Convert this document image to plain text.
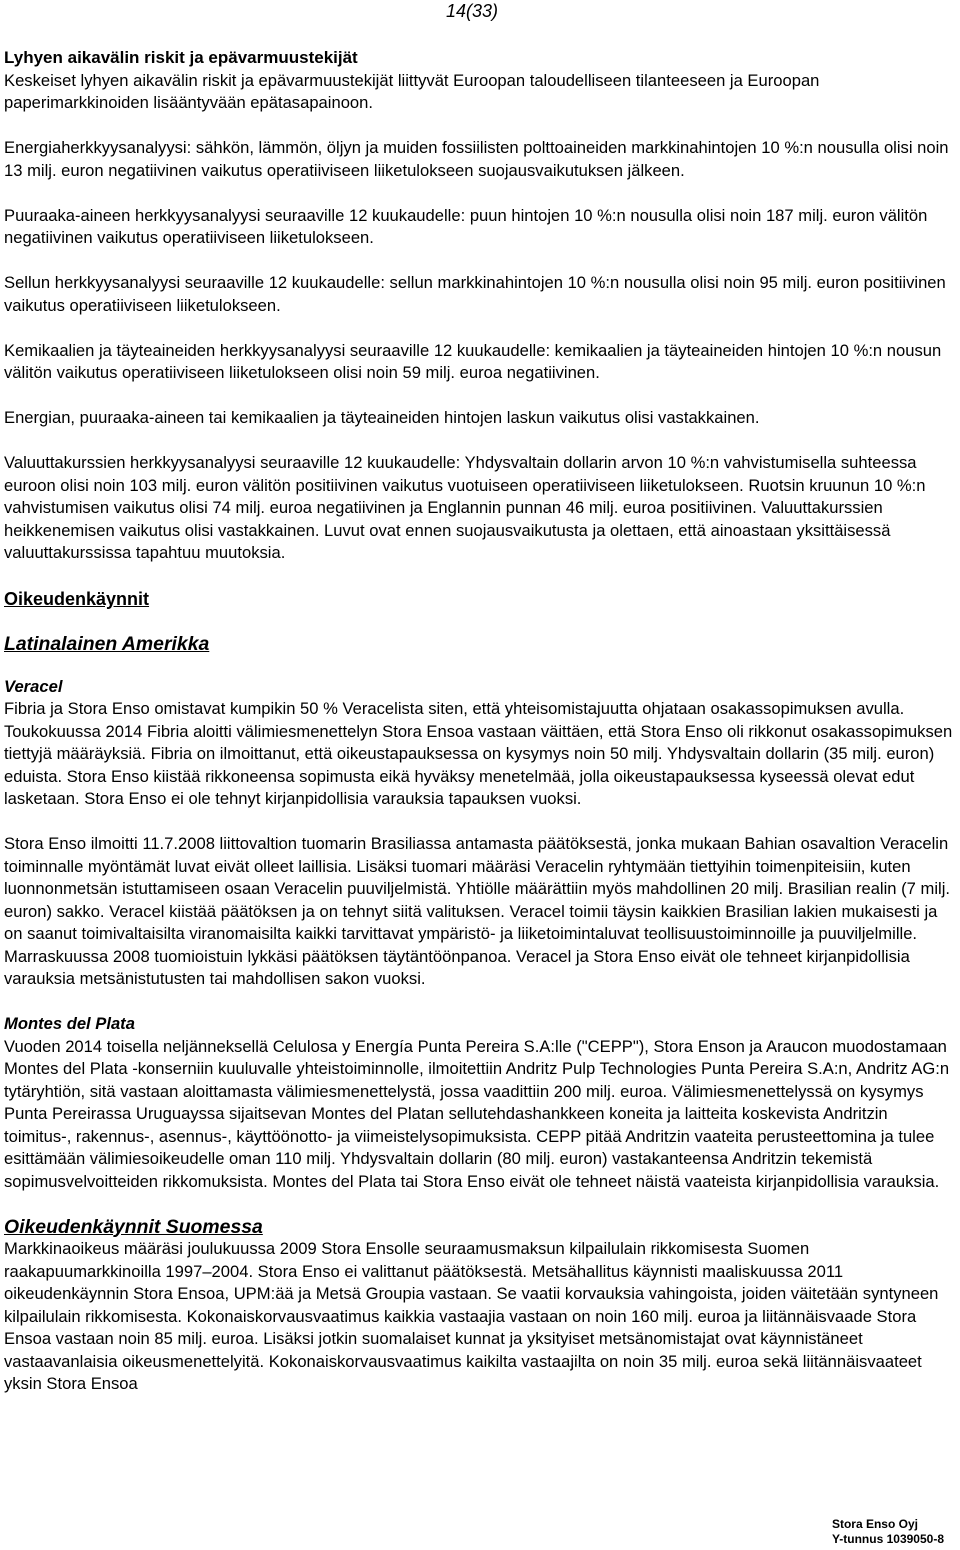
14(33)
Lyhyen aikavälin riskit ja epävarmuustekijät

Keskeiset lyhyen aikavälin riskit ja epävarmuustekijät liittyvät Euroopan taloudelliseen tilanteeseen ja Euroopan paperimarkkinoiden lisääntyvään epätasapainoon.

Energiaherkkyysanalyysi: sähkön, lämmön, öljyn ja muiden fossiilisten polttoaineiden markkinahintojen 10 %:n nousulla olisi noin 13 milj. euron negatiivinen vaikutus operatiiviseen liiketulokseen suojausvaikutuksen jälkeen.

Puuraaka-aineen herkkyysanalyysi seuraaville 12 kuukaudelle: puun hintojen 10 %:n nousulla olisi noin 187 milj. euron välitön negatiivinen vaikutus operatiiviseen liiketulokseen.

Sellun herkkyysanalyysi seuraaville 12 kuukaudelle: sellun markkinahintojen 10 %:n nousulla olisi noin 95 milj. euron positiivinen vaikutus operatiiviseen liiketulokseen.

Kemikaalien ja täyteaineiden herkkyysanalyysi seuraaville 12 kuukaudelle: kemikaalien ja täyteaineiden hintojen 10 %:n nousun välitön vaikutus operatiiviseen liiketulokseen olisi noin 59 milj. euroa negatiivinen.

Energian, puuraaka-aineen tai kemikaalien ja täyteaineiden hintojen laskun vaikutus olisi vastakkainen.

Valuuttakurssien herkkyysanalyysi seuraaville 12 kuukaudelle: Yhdysvaltain dollarin arvon 10 %:n vahvistumisella suhteessa euroon olisi noin 103 milj. euron välitön positiivinen vaikutus vuotuiseen operatiiviseen liiketulokseen. Ruotsin kruunun 10 %:n vahvistumisen vaikutus olisi 74 milj. euroa negatiivinen ja Englannin punnan 46 milj. euroa positiivinen. Valuuttakurssien heikkenemisen vaikutus olisi vastakkainen. Luvut ovat ennen suojausvaikutusta ja olettaen, että ainoastaan yksittäisessä valuuttakurssissa tapahtuu muutoksia.

Oikeudenkäynnit
Latinalainen Amerikka
Veracel

Fibria ja Stora Enso omistavat kumpikin 50 % Veracelista siten, että yhteisomistajuutta ohjataan osakassopimuksen avulla. Toukokuussa 2014 Fibria aloitti välimiesmenettelyn Stora Ensoa vastaan väittäen, että Stora Enso oli rikkonut osakassopimuksen tiettyjä määräyksiä. Fibria on ilmoittanut, että oikeustapauksessa on kysymys noin 50 milj. Yhdysvaltain dollarin (35 milj. euron) eduista. Stora Enso kiistää rikkoneensa sopimusta eikä hyväksy menetelmää, jolla oikeustapauksessa kyseessä olevat edut lasketaan. Stora Enso ei ole tehnyt kirjanpidollisia varauksia tapauksen vuoksi.

Stora Enso ilmoitti 11.7.2008 liittovaltion tuomarin Brasiliassa antamasta päätöksestä, jonka mukaan Bahian osavaltion Veracelin toiminnalle myöntämät luvat eivät olleet laillisia. Lisäksi tuomari määräsi Veracelin ryhtymään tiettyihin toimenpiteisiin, kuten luonnonmetsän istuttamiseen osaan Veracelin puuviljelmistä. Yhtiölle määrättiin myös mahdollinen 20 milj. Brasilian realin (7 milj. euron) sakko. Veracel kiistää päätöksen ja on tehnyt siitä valituksen. Veracel toimii täysin kaikkien Brasilian lakien mukaisesti ja on saanut toimivaltaisilta viranomaisilta kaikki tarvittavat ympäristö- ja liiketoimintaluvat teollisuustoiminnoille ja puuviljelmille. Marraskuussa 2008 tuomioistuin lykkäsi päätöksen täytäntöönpanoa. Veracel ja Stora Enso eivät ole tehneet kirjanpidollisia varauksia metsänistutusten tai mahdollisen sakon vuoksi.

Montes del Plata

Vuoden 2014 toisella neljänneksellä Celulosa y Energía Punta Pereira S.A:lle ("CEPP"), Stora Enson ja Araucon muodostamaan Montes del Plata -konserniin kuuluvalle yhteistoiminnolle, ilmoitettiin Andritz Pulp Technologies Punta Pereira S.A:n, Andritz AG:n tytäryhtiön, sitä vastaan aloittamasta välimiesmenettelystä, jossa vaadittiin 200 milj. euroa. Välimiesmenettelyssä on kysymys Punta Pereirassa Uruguayssa sijaitsevan Montes del Platan sellutehdashankkeen koneita ja laitteita koskevista Andritzin toimitus-, rakennus-, asennus-, käyttöönotto- ja viimeistelysopimuksista. CEPP pitää Andritzin vaateita perusteettomina ja tulee esittämään välimiesoikeudelle oman 110 milj. Yhdysvaltain dollarin (80 milj. euron) vastakanteensa Andritzin tekemistä sopimusvelvoitteiden rikkomuksista. Montes del Plata tai Stora Enso eivät ole tehneet näistä vaateista kirjanpidollisia varauksia.

Oikeudenkäynnit Suomessa

Markkinaoikeus määräsi joulukuussa 2009 Stora Ensolle seuraamusmaksun kilpailulain rikkomisesta Suomen raakapuumarkkinoilla 1997–2004. Stora Enso ei valittanut päätöksestä. Metsähallitus käynnisti maaliskuussa 2011 oikeudenkäynnin Stora Ensoa, UPM:ää ja Metsä Groupia vastaan. Se vaatii korvauksia vahingoista, joiden väitetään syntyneen kilpailulain rikkomisesta. Kokonaiskorvausvaatimus kaikkia vastaajia vastaan on noin 160 milj. euroa ja liitännäisvaade Stora Ensoa vastaan noin 85 milj. euroa. Lisäksi jotkin suomalaiset kunnat ja yksityiset metsänomistajat ovat käynnistäneet vastaavanlaisia oikeusmenettelyitä. Kokonaiskorvausvaatimus kaikilta vastaajilta on noin 35 milj. euroa sekä liitännäisvaateet yksin Stora Ensoa

Stora Enso Oyj
Y-tunnus 1039050-8
